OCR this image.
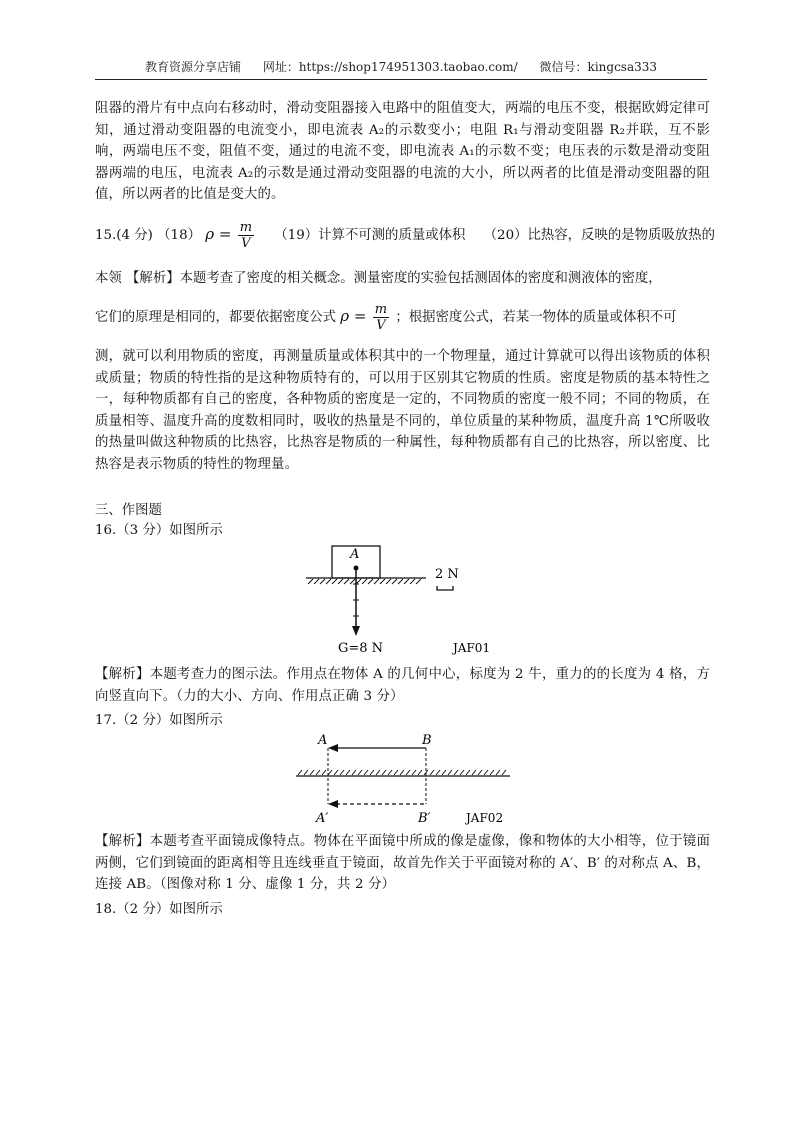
教育资源分享店铺 网址：https://shop174951303.taobao.com/ 微信号：kingcsa333
阻器的滑片有中点向右移动时，滑动变阻器接入电路中的阻值变大，两端的电压不变，根据欧姆定律可知，通过滑动变阻器的电流变小，即电流表 A₂的示数变小；电阻 R₁与滑动变阻器 R₂并联，互不影响，两端电压不变，阻值不变，通过的电流不变，即电流表 A₁的示数不变；电压表的示数是滑动变阻器两端的电压，电流表 A₂的示数是通过滑动变阻器的电流的大小，所以两者的比值是滑动变阻器的阻值，所以两者的比值是变大的。
15.(4 分) （18） $\rho = \frac{m}{V} (19)$计算不可测的质量或体积 （20）比热容，反映的是物质吸放热的
本领 【解析】本题考查了密度的相关概念。测量密度的实验包括测固体的密度和测液体的密度，
它们的原理是相同的，都要依据密度公式 $\rho = \frac{m}{V}$ ；根据密度公式，若某一物体的质量或体积不可
测，就可以利用物质的密度，再测量质量或体积其中的一个物理量，通过计算就可以得出该物质的体积或质量；物质的特性指的是这种物质特有的，可以用于区别其它物质的性质。密度是物质的基本特性之一，每种物质都有自己的密度，各种物质的密度是一定的，不同物质的密度一般不同；不同的物质，在质量相等、温度升高的度数相同时，吸收的热量是不同的，单位质量的某种物质，温度升高 1℃所吸收的热量叫做这种物质的比热容，比热容是物质的一种属性，每种物质都有自己的比热容，所以密度、比热容是表示物质的特性的物理量。
三、作图题
16.（3 分）如图所示
A
G=8 N
2 N
JAF01
【解析】本题考查力的图示法。作用点在物体 A 的几何中心，标度为 2 牛，重力的的长度为 4 格，方向竖直向下。（力的大小、方向、作用点正确 3 分）
17.（2 分）如图所示
A	B
A′	B′	JAF02
【解析】本题考查平面镜成像特点。物体在平面镜中所成的像是虚像，像和物体的大小相等，位于镜面两侧，它们到镜面的距离相等且连线垂直于镜面，故首先作关于平面镜对称的 A′、B′ 的对称点 A、B，连接 AB。（图像对称 1 分、虚像 1 分，共 2 分）
18.（2 分）如图所示
